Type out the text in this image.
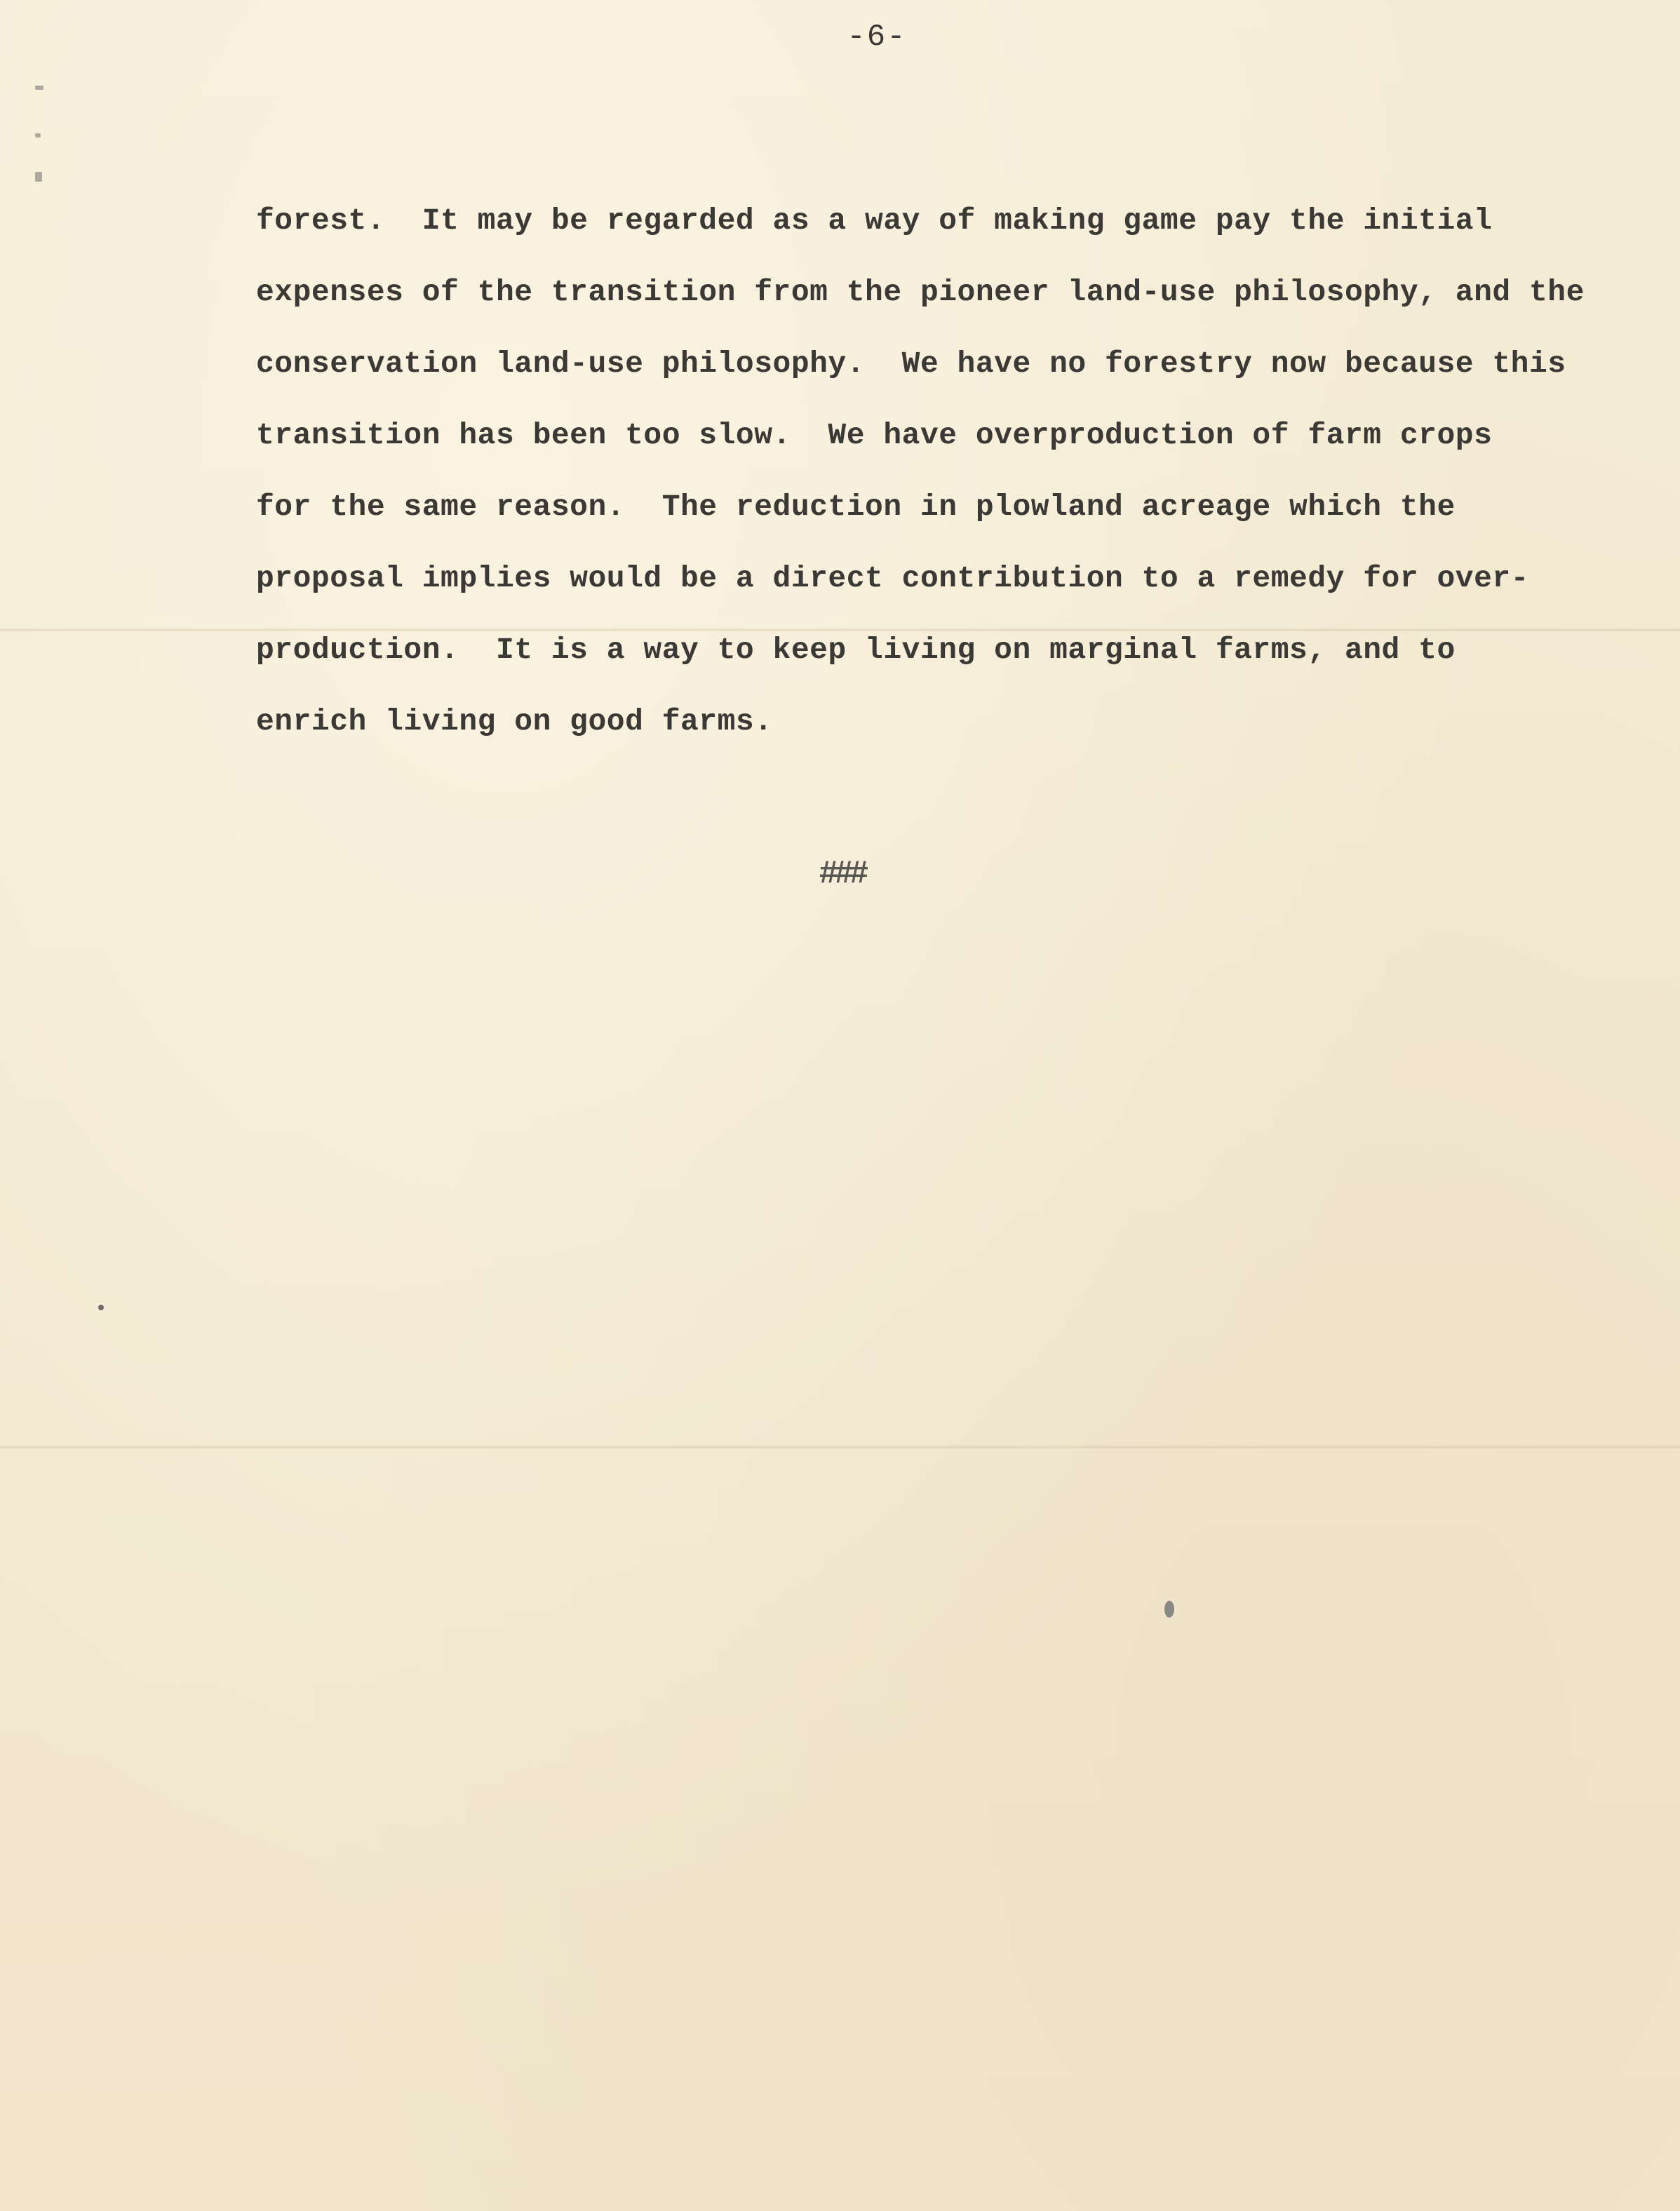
-6-
forest.  It may be regarded as a way of making game pay the initial
expenses of the transition from the pioneer land-use philosophy, and the
conservation land-use philosophy.  We have no forestry now because this
transition has been too slow.  We have overproduction of farm crops
for the same reason.  The reduction in plowland acreage which the
proposal implies would be a direct contribution to a remedy for over-
production.  It is a way to keep living on marginal farms, and to
enrich living on good farms.
###
